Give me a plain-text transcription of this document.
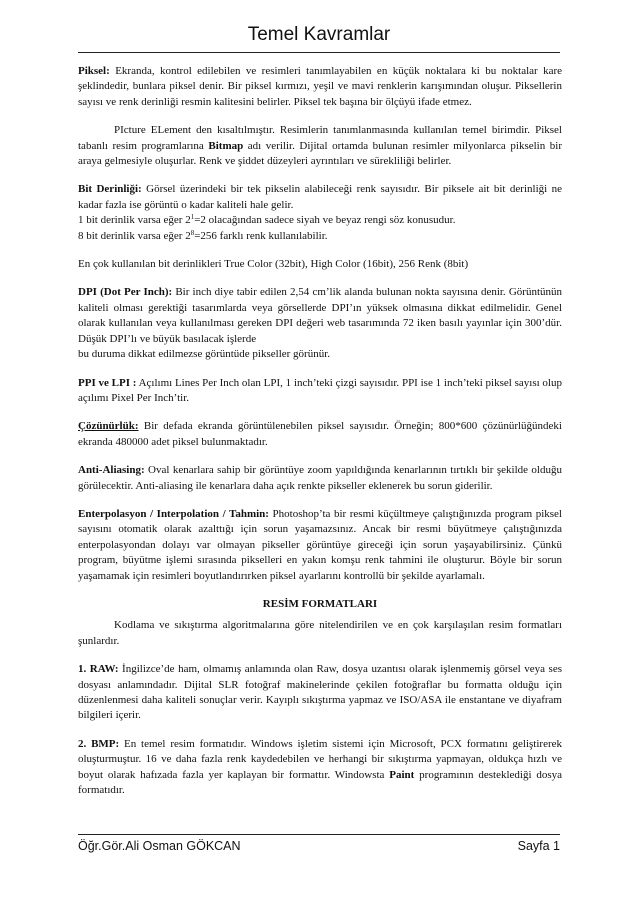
Temel Kavramlar

Piksel: Ekranda, kontrol edilebilen ve resimleri tanımlayabilen en küçük noktalara ki bu noktalar kare şeklindedir, bunlara piksel denir. Bir piksel kırmızı, yeşil ve mavi renklerin karışımından oluşur. Piksellerin sayısı ve renk derinliği resmin kalitesini belirler. Piksel tek başına bir ölçüyü ifade etmez.

PIcture ELement den kısaltılmıştır. Resimlerin tanımlanmasında kullanılan temel birimdir. Piksel tabanlı resim programlarına Bitmap adı verilir. Dijital ortamda bulunan resimler milyonlarca pikselin bir araya gelmesiyle oluşurlar. Renk ve şiddet düzeyleri ayrıntıları ve sürekliliği belirler.

Bit Derinliği: Görsel üzerindeki bir tek pikselin alabileceği renk sayısıdır. Bir piksele ait bit derinliği ne kadar fazla ise görüntü o kadar kaliteli hale gelir.

1 bit derinlik varsa eğer $2^1=2$ olacağından sadece siyah ve beyaz rengi söz konusudur.

8 bit derinlik varsa eğer $2^8=256$ farklı renk kullanılabilir.

En çok kullanılan bit derinlikleri True Color (32bit), High Color (16bit), 256 Renk (8bit)

DPI (Dot Per Inch): Bir inch diye tabir edilen 2,54 cm’lik alanda bulunan nokta sayısına denir. Görüntünün kaliteli olması gerektiği tasarımlarda veya görsellerde DPI’ın yüksek olmasına dikkat edilmelidir. Genel olarak kullanılan veya kullanılması gereken DPI değeri web tasarımında 72 iken basılı yayınlar için 300’dür. Düşük DPI’lı ve büyük basılacak işlerde

bu duruma dikkat edilmezse görüntüde pikseller görünür.

PPI ve LPI : Açılımı Lines Per Inch olan LPI, 1 inch’teki çizgi sayısıdır. PPI ise 1 inch’teki piksel sayısı olup açılımı Pixel Per Inch’tir.

Çözünürlük: Bir defada ekranda görüntülenebilen piksel sayısıdır. Örneğin; 800*600 çözünürlüğündeki ekranda 480000 adet piksel bulunmaktadır.

Anti-Aliasing: Oval kenarlara sahip bir görüntüye zoom yapıldığında kenarlarının tırtıklı bir şekilde olduğu görülecektir. Anti-aliasing ile kenarlara daha açık renkte pikseller eklenerek bu sorun giderilir.

Enterpolasyon / Interpolation / Tahmin: Photoshop’ta bir resmi küçültmeye çalıştığınızda program piksel sayısını otomatik olarak azalttığı için sorun yaşamazsınız. Ancak bir resmi büyütmeye çalıştığınızda enterpolasyondan dolayı var olmayan pikseller görüntüye gireceği için sorun yaşayabilirsiniz. Çünkü program, büyütme işlemi sırasında pikselleri en yakın komşu renk tahmini ile oluşturur. Böyle bir sorun yaşamamak için resimleri boyutlandırırken piksel ayarlarını kontrollü bir şekilde ayarlamalı.

RESİM FORMATLARI

Kodlama ve sıkıştırma algoritmalarına göre nitelendirilen ve en çok karşılaşılan resim formatları şunlardır.

1. RAW: İngilizce’de ham, olmamış anlamında olan Raw, dosya uzantısı olarak işlenmemiş görsel veya ses dosyası anlamındadır. Dijital SLR fotoğraf makinelerinde çekilen fotoğraflar bu formatta olduğu için düzenlenmesi daha kaliteli sonuçlar verir. Kayıplı sıkıştırma yapmaz ve ISO/ASA ile enstantane ve diyafram bilgileri içerir.

2. BMP: En temel resim formatıdır. Windows işletim sistemi için Microsoft, PCX formatını geliştirerek oluşturmuştur. 16 ve daha fazla renk kaydedebilen ve herhangi bir sıkıştırma yapmayan, oldukça hızlı ve boyut olarak hafızada fazla yer kaplayan bir formattır. Windowsta Paint programının desteklediği dosya formatıdır.

Öğr.Gör.Ali Osman GÖKCAN	Sayfa 1
